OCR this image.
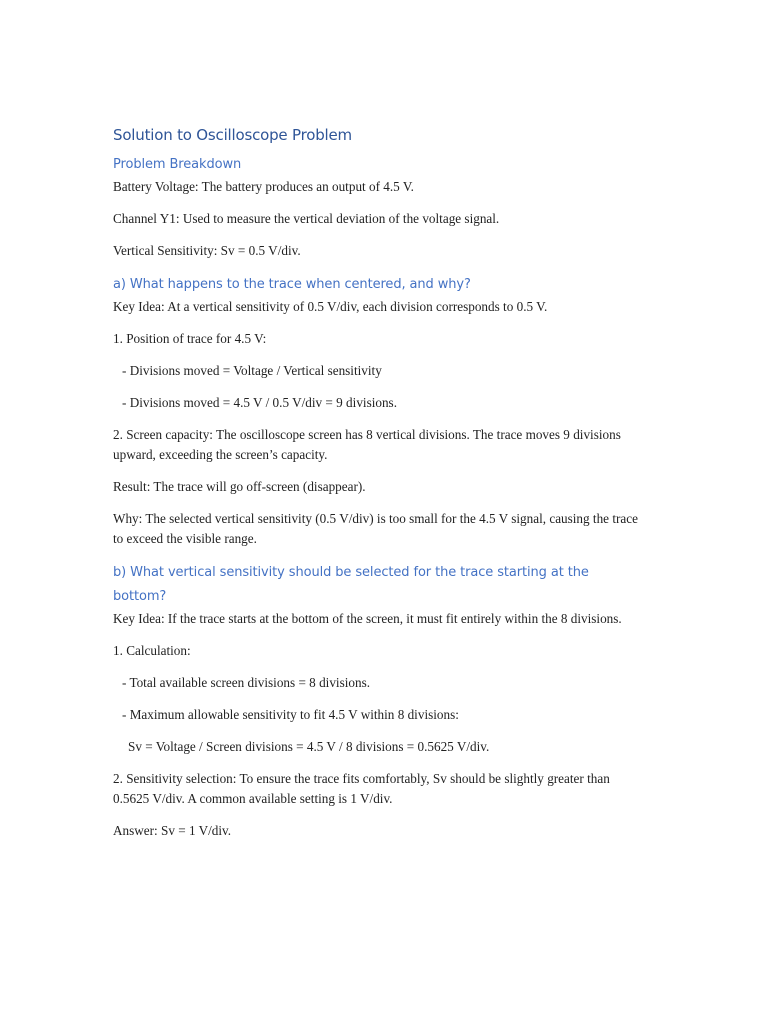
Solution to Oscilloscope Problem
Problem Breakdown

Battery Voltage: The battery produces an output of 4.5 V.

Channel Y1: Used to measure the vertical deviation of the voltage signal.

Vertical Sensitivity: Sv = 0.5 V/div.

a) What happens to the trace when centered, and why?

Key Idea: At a vertical sensitivity of 0.5 V/div, each division corresponds to 0.5 V.

1. Position of trace for 4.5 V:

- Divisions moved = Voltage / Vertical sensitivity

- Divisions moved = 4.5 V / 0.5 V/div = 9 divisions.

2. Screen capacity: The oscilloscope screen has 8 vertical divisions. The trace moves 9 divisions upward, exceeding the screen’s capacity.

Result: The trace will go off-screen (disappear).

Why: The selected vertical sensitivity (0.5 V/div) is too small for the 4.5 V signal, causing the trace to exceed the visible range.

b) What vertical sensitivity should be selected for the trace starting at the bottom?

Key Idea: If the trace starts at the bottom of the screen, it must fit entirely within the 8 divisions.

1. Calculation:

- Total available screen divisions = 8 divisions.

- Maximum allowable sensitivity to fit 4.5 V within 8 divisions:

Sv = Voltage / Screen divisions = 4.5 V / 8 divisions = 0.5625 V/div.

2. Sensitivity selection: To ensure the trace fits comfortably, Sv should be slightly greater than 0.5625 V/div. A common available setting is 1 V/div.

Answer: Sv = 1 V/div.
